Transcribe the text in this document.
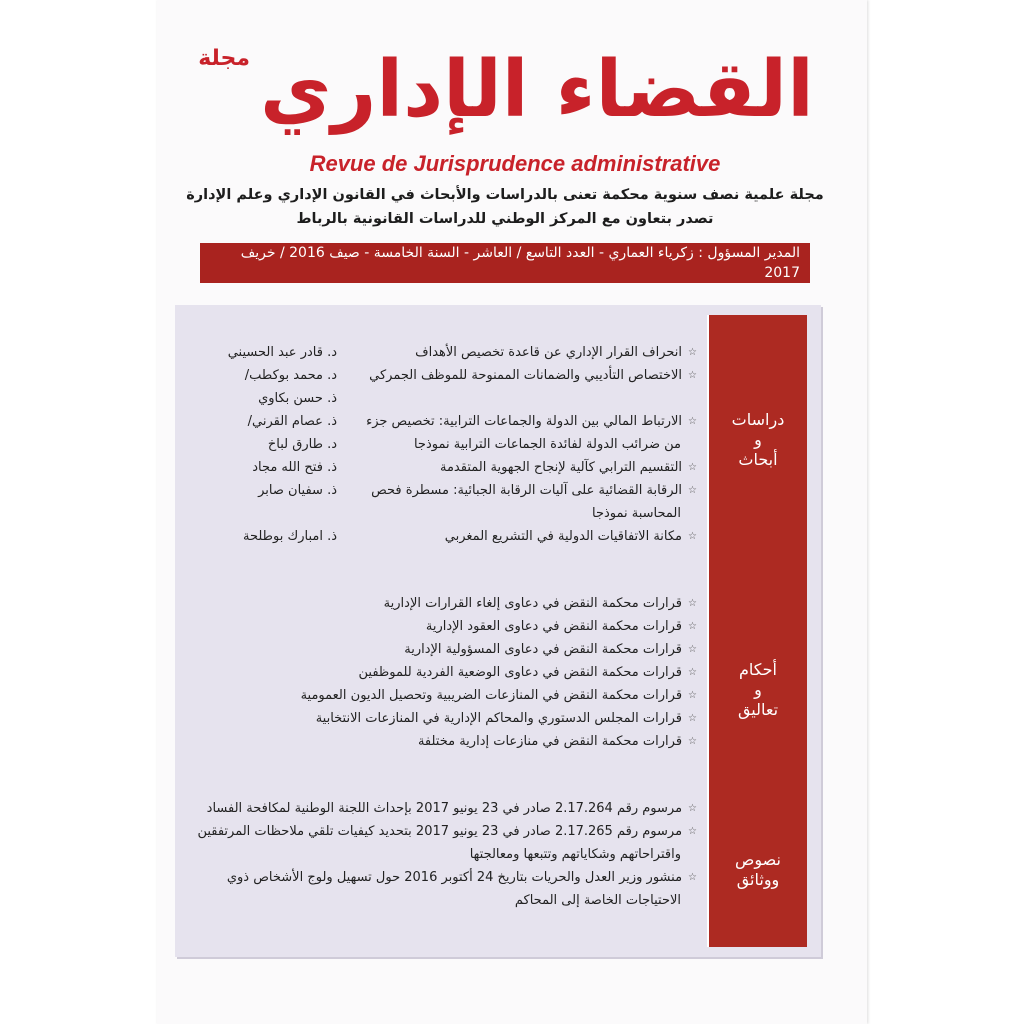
القضاء الإداري
مجلة
Revue de Jurisprudence administrative
مجلة علمية نصف سنوية محكمة تعنى بالدراسات والأبحاث في القانون الإداري وعلم الإدارة
تصدر بتعاون مع المركز الوطني للدراسات القانونية بالرباط
المدير المسؤول : زكرياء العماري - العدد التاسع / العاشر - السنة الخامسة - صيف 2016 / خريف 2017
☆
انحراف القرار الإداري عن قاعدة تخصيص الأهداف
د. قادر عبد الحسيني
☆
الاختصاص التأديبي والضمانات الممنوحة للموظف الجمركي
د. محمد بوكطب/
ذ. حسن بكاوي
☆
الارتباط المالي بين الدولة والجماعات الترابية: تخصيص جزء
من ضرائب الدولة لفائدة الجماعات الترابية نموذجا
ذ. عصام القرني/
د. طارق لباخ
☆
التقسيم الترابي كآلية لإنجاح الجهوية المتقدمة
ذ. فتح الله مجاد
☆
الرقابة القضائية على آليات الرقابة الجبائية: مسطرة فحص
المحاسبة نموذجا
ذ. سفيان صابر
☆
مكانة الاتفاقيات الدولية في التشريع المغربي
ذ. امبارك بوطلحة
☆
قرارات محكمة النقض في دعاوى إلغاء القرارات الإدارية
☆
قرارات محكمة النقض في دعاوى العقود الإدارية
☆
قرارات محكمة النقض في دعاوى المسؤولية الإدارية
☆
قرارات محكمة النقض في دعاوى الوضعية الفردية للموظفين
☆
قرارات محكمة النقض في المنازعات الضريبية وتحصيل الديون العمومية
☆
قرارات المجلس الدستوري والمحاكم الإدارية في المنازعات الانتخابية
☆
قرارات محكمة النقض في منازعات إدارية مختلفة
☆
مرسوم رقم 2.17.264 صادر في 23 يونيو 2017 بإحداث اللجنة الوطنية لمكافحة الفساد
☆
مرسوم رقم 2.17.265 صادر في 23 يونيو 2017 بتحديد كيفيات تلقي ملاحظات المرتفقين
واقتراحاتهم وشكاياتهم وتتبعها ومعالجتها
☆
منشور وزير العدل والحريات بتاريخ 24 أكتوبر 2016 حول تسهيل ولوج الأشخاص ذوي
الاحتياجات الخاصة إلى المحاكم
دراسات
و
أبحاث
أحكام
و
تعاليق
نصوص
ووثائق
